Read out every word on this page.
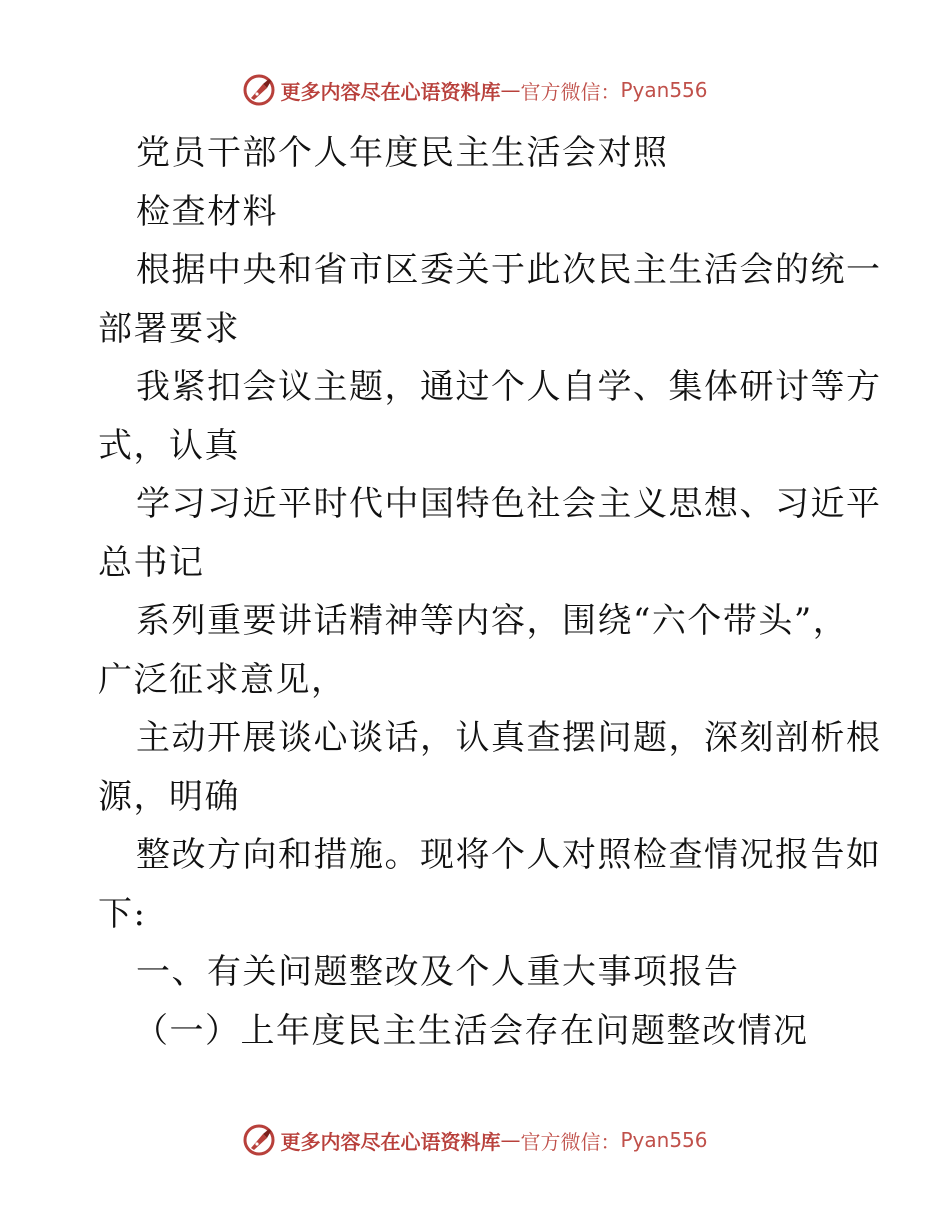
更多内容尽在心语资料库 — 官方微信： Pyan556
党员干部个人年度民主生活会对照
检查材料
根据中央和省市区委关于此次民主生活会的统一
部署要求
我紧扣会议主题，通过个人自学、集体研讨等方
式，认真
学习习近平时代中国特色社会主义思想、习近平
总书记
系列重要讲话精神等内容，围绕“六个带头”，
广泛征求意见，
主动开展谈心谈话，认真查摆问题，深刻剖析根
源，明确
整改方向和措施。现将个人对照检查情况报告如
下:
一、有关问题整改及个人重大事项报告
（一）上年度民主生活会存在问题整改情况
更多内容尽在心语资料库 — 官方微信： Pyan556
